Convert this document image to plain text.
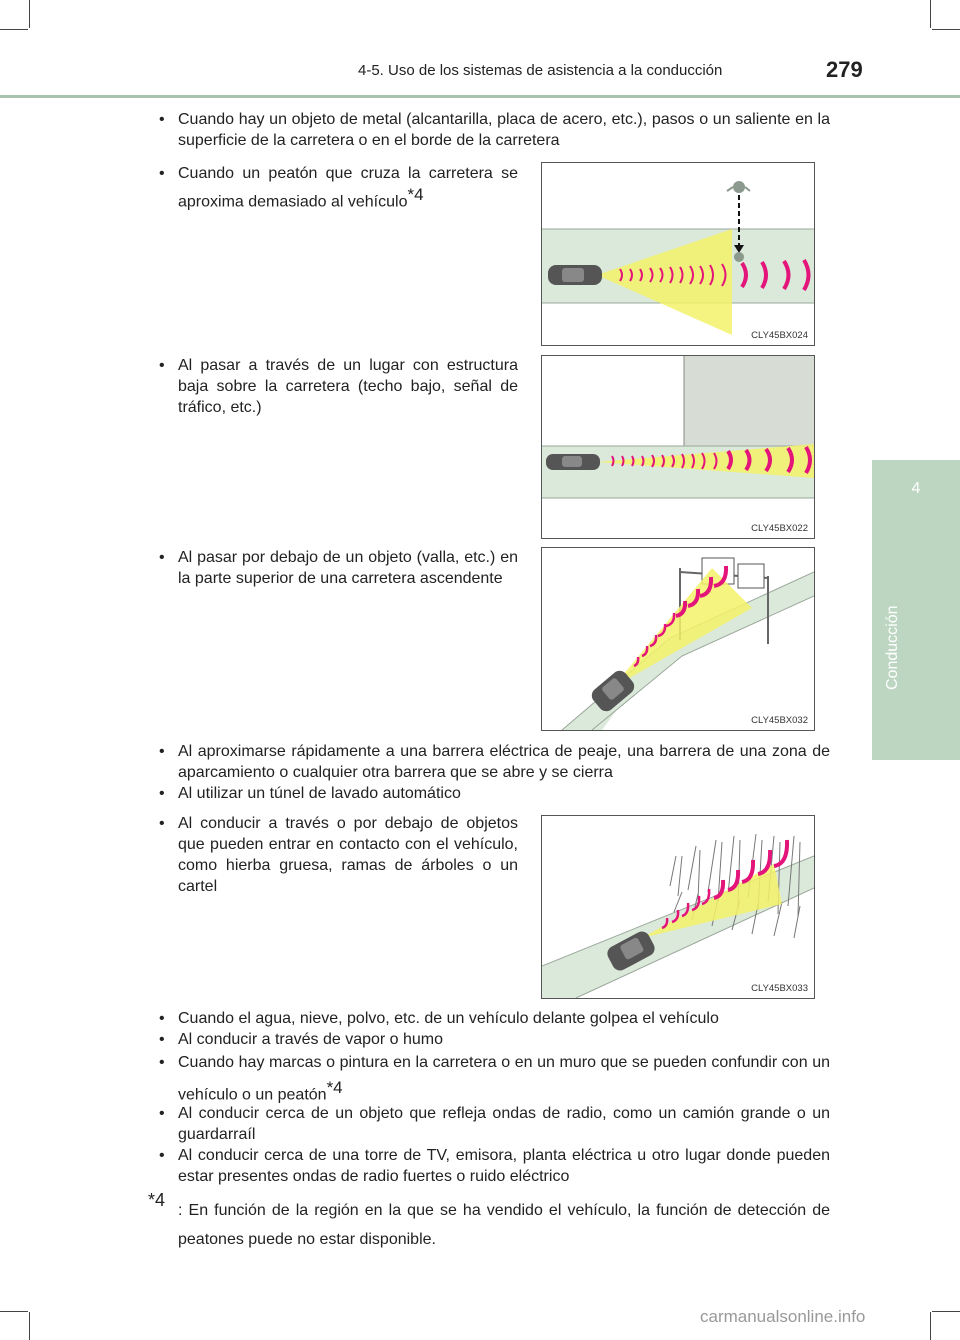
4-5. Uso de los sistemas de asistencia a la conducción	279
4
Conducción
• Cuando hay un objeto de metal (alcantarilla, placa de acero, etc.), pasos o un saliente en la superficie de la carretera o en el borde de la carretera
• Cuando un peatón que cruza la carretera se aproxima demasiado al vehículo$^{*4}$
CLY45BX024
• Al pasar a través de un lugar con estructura baja sobre la carretera (techo bajo, señal de tráfico, etc.)
CLY45BX022
• Al pasar por debajo de un objeto (valla, etc.) en la parte superior de una carretera ascendente
CLY45BX032
• Al aproximarse rápidamente a una barrera eléctrica de peaje, una barrera de una zona de aparcamiento o cualquier otra barrera que se abre y se cierra
• Al utilizar un túnel de lavado automático
• Al conducir a través o por debajo de objetos que pueden entrar en contacto con el vehículo, como hierba gruesa, ramas de árboles o un cartel
CLY45BX033
• Cuando el agua, nieve, polvo, etc. de un vehículo delante golpea el vehículo
• Al conducir a través de vapor o humo
• Cuando hay marcas o pintura en la carretera o en un muro que se pueden confundir con un vehículo o un peatón$^{*4}$
• Al conducir cerca de un objeto que refleja ondas de radio, como un camión grande o un guardarraíl
• Al conducir cerca de una torre de TV, emisora, planta eléctrica u otro lugar donde pueden estar presentes ondas de radio fuertes o ruido eléctrico
$^{*4}$
: En función de la región en la que se ha vendido el vehículo, la función de detección de peatones puede no estar disponible.
carmanualsonline.info
